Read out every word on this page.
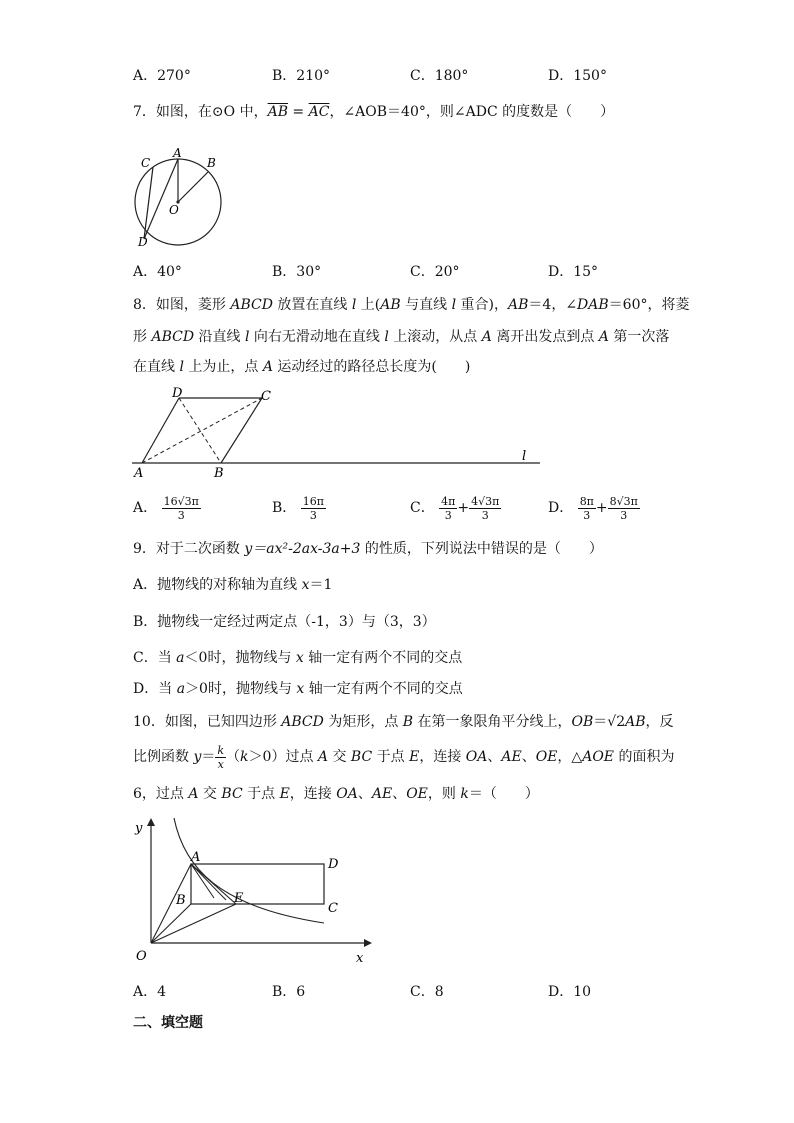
A．270°	B．210°	C．180°	D．150°
7．如图，在⊙O 中，$\overline{AB} = \overline{AC}$，∠AOB＝40°，则∠ADC 的度数是（　　）
C
A
B
O
D
A．40°	B．30°	C．20°	D．15°
8．如图，菱形 ABCD 放置在直线 l 上(AB 与直线 l 重合)，AB＝4，∠DAB＝60°，将菱
形 ABCD 沿直线 l 向右无滑动地在直线 l 上滚动，从点 A 离开出发点到点 A 第一次落
在直线 l 上为止，点 A 运动经过的路径总长度为(　　)
D	C
A	B
l
A． $\frac{16√3\pi}{3}$	B． $\frac{16\pi}{3}$	C． $\frac{4\pi}{3} + \frac{4√3\pi}{3}$	D． $\frac{8\pi}{3} + \frac{8√3\pi}{3}$
9．对于二次函数 y＝ax²-2ax-3a+3 的性质，下列说法中错误的是（　　）
A．抛物线的对称轴为直线 x＝1
B．抛物线一定经过两定点（-1，3）与（3，3）
C．当 a＜0时，抛物线与 x 轴一定有两个不同的交点
D．当 a＞0时，抛物线与 x 轴一定有两个不同的交点
10．如图，已知四边形 ABCD 为矩形，点 B 在第一象限角平分线上，OB＝√2AB，反
比例函数 $y= \frac{k}{x} (k>0)$过点 A 交 BC 于点 E，连接 OA、AE、OE，△AOE 的面积为
6，过点 A 交 BC 于点 E，连接 OA、AE、OE，则 k＝（　　）
y
x
O
A
B
D
C
E
A．4	B．6	C．8	D．10
二、填空题
